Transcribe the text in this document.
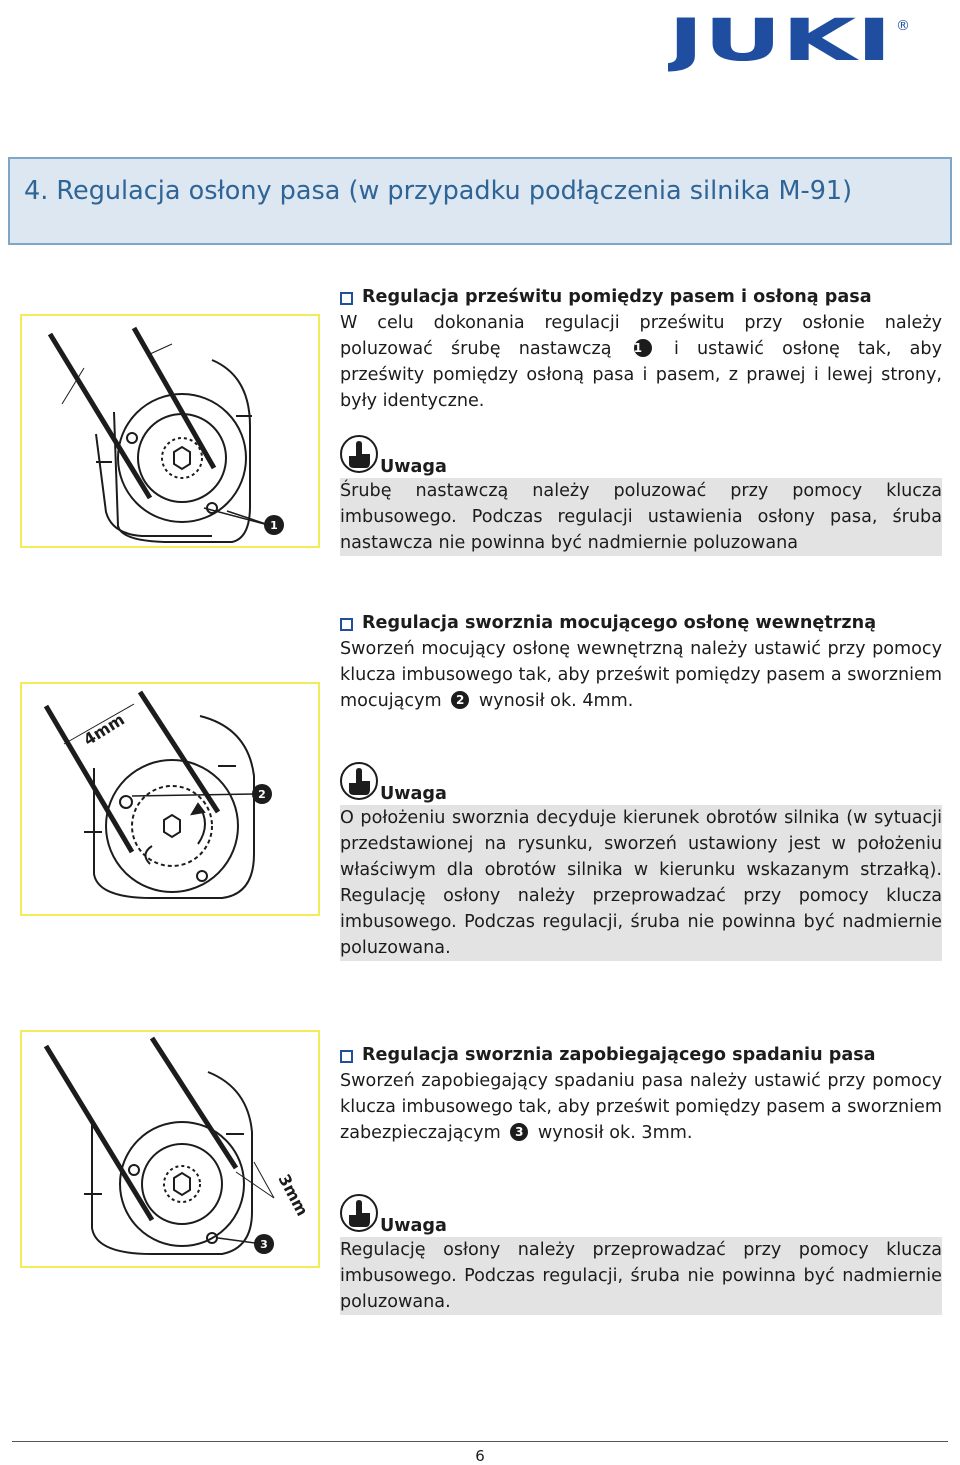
JUKI ®
4. Regulacja osłony pasa (w przypadku podłączenia silnika M-91)
1
4mm
2
3mm
3
Regulacja prześwitu pomiędzy pasem i osłoną pasa
W celu dokonania regulacji prześwitu przy osłonie należy
poluzować śrubę nastawczą 1 i ustawić osłonę tak, aby
prześwity pomiędzy osłoną pasa i pasem, z prawej i lewej strony, były identyczne.
Uwaga
Śrubę nastawczą należy poluzować przy pomocy klucza imbusowego. Podczas regulacji ustawienia osłony pasa, śruba nastawcza nie powinna być nadmiernie poluzowana
Regulacja sworznia mocującego osłonę wewnętrzną
Sworzeń mocujący osłonę wewnętrzną należy ustawić przy pomocy klucza imbusowego tak, aby prześwit pomiędzy pasem a sworzniem mocującym 2 wynosił ok. 4mm.
Uwaga
O położeniu sworznia decyduje kierunek obrotów silnika (w sytuacji przedstawionej na rysunku, sworzeń ustawiony jest w położeniu właściwym dla obrotów silnika w kierunku wskazanym strzałką). Regulację osłony należy przeprowadzać przy pomocy klucza imbusowego. Podczas regulacji, śruba nie powinna być nadmiernie poluzowana.
Regulacja sworznia zapobiegającego spadaniu pasa
Sworzeń zapobiegający spadaniu pasa należy ustawić przy pomocy klucza imbusowego tak, aby prześwit pomiędzy pasem a sworzniem zabezpieczającym 3 wynosił ok. 3mm.
Uwaga
Regulację osłony należy przeprowadzać przy pomocy klucza imbusowego. Podczas regulacji, śruba nie powinna być nadmiernie poluzowana.
6
